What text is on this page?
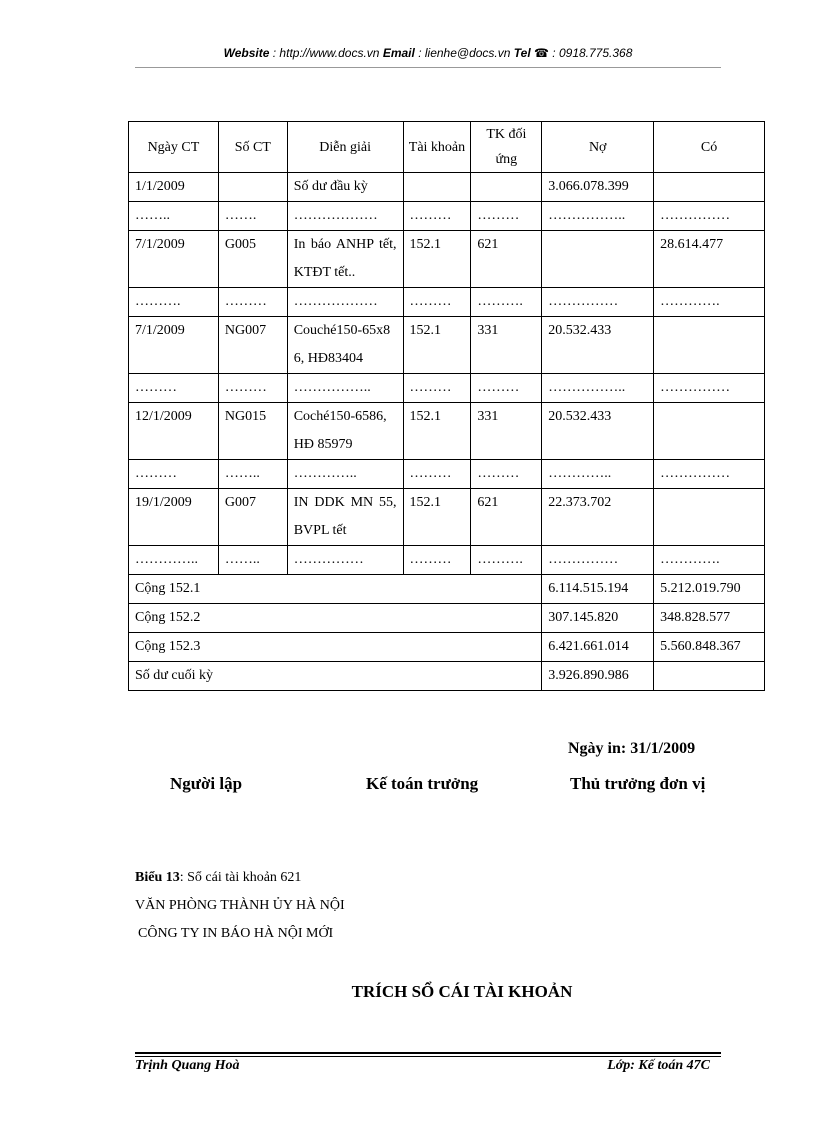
Website : http://www.docs.vn Email : lienhe@docs.vn Tel ☎ : 0918.775.368
Ngày CT	Số CT	Diễn giải	Tài khoản	TK đối ứng	Nợ	Có
1/1/2009		Số dư đầu kỳ			3.066.078.399	
……..	…….	………………	………	………	……………..	……………
7/1/2009	G005	In báo ANHP tết, KTĐT tết..	152.1	621		28.614.477
……….	………	………………	………	……….	……………	………….
7/1/2009	NG007	Couché150-65x86, HĐ83404	152.1	331	20.532.433	
………	………	……………..	………	………	……………..	……………
12/1/2009	NG015	Coché150-6586, HĐ 85979	152.1	331	20.532.433	
………	……..	…………..	………	………	…………..	……………
19/1/2009	G007	IN DDK MN 55, BVPL tết	152.1	621	22.373.702	
…………..	……..	……………	………	……….	……………	………….
Cộng 152.1					6.114.515.194	5.212.019.790
Cộng 152.2					307.145.820	348.828.577
Cộng 152.3					6.421.661.014	5.560.848.367
Số dư cuối kỳ					3.926.890.986	
Ngày in: 31/1/2009
Người lập	Kế toán trưởng	Thủ trưởng đơn vị
Biểu 13: Sổ cái tài khoản 621
VĂN PHÒNG THÀNH ỦY HÀ NỘI
CÔNG TY IN BÁO HÀ NỘI MỚI
TRÍCH SỔ CÁI TÀI KHOẢN
Trịnh Quang Hoà	Lớp: Kế toán 47C
